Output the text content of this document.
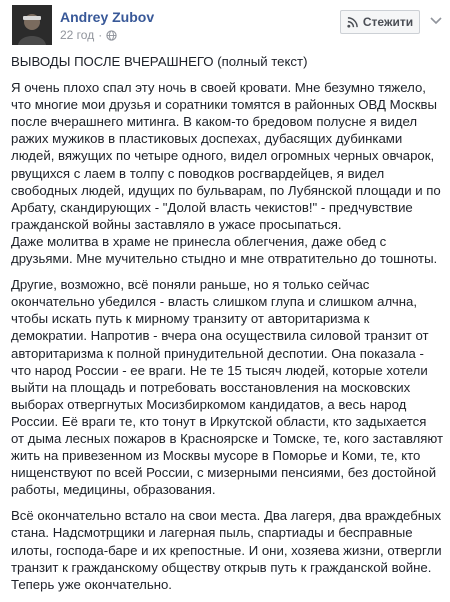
Andrey Zubov
22 год ·
Стежити

ВЫВОДЫ ПОСЛЕ ВЧЕРАШНЕГО (полный текст)

Я очень плохо спал эту ночь в своей кровати. Мне безумно тяжело, что многие мои друзья и соратники томятся в районных ОВД Москвы после вчерашнего митинга. В каком-то бредовом полусне я видел ражих мужиков в пластиковых доспехах, дубасящих дубинками людей, вяжущих по четыре одного, видел огромных черных овчарок, рвущихся с лаем в толпу с поводков росгвардейцев, я видел свободных людей, идущих по бульварам, по Лубянской площади и по Арбату, скандирующих - "Долой власть чекистов!" - предчувствие гражданской войны заставляло в ужасе просыпаться.
Даже молитва в храме не принесла облегчения, даже обед с друзьями. Мне мучительно стыдно и мне отвратительно до тошноты.

Другие, возможно, всё поняли раньше, но я только сейчас окончательно убедился - власть слишком глупа и слишком алчна, чтобы искать путь к мирному транзиту от авторитаризма к демократии. Напротив - вчера она осуществила силовой транзит от авторитаризма к полной принудительной деспотии. Она показала - что народ России - ее враги. Не те 15 тысяч людей, которые хотели выйти на площадь и потребовать восстановления на московских выборах отвергнутых Мосизбиркомом кандидатов, а весь народ России. Её враги те, кто тонут в Иркутской области, кто задыхается от дыма лесных пожаров в Красноярске и Томске, те, кого заставляют жить на привезенном из Москвы мусоре в Поморье и Коми, те, кто нищенствуют по всей России, с мизерными пенсиями, без достойной работы, медицины, образования.

Всё окончательно встало на свои места. Два лагеря, два враждебных стана. Надсмотрщики и лагерная пыль, спартиады и бесправные илоты, господа-баре и их крепостные. И они, хозяева жизни, отвергли транзит к гражданскому обществу открыв путь к гражданской войне. Теперь уже окончательно.
